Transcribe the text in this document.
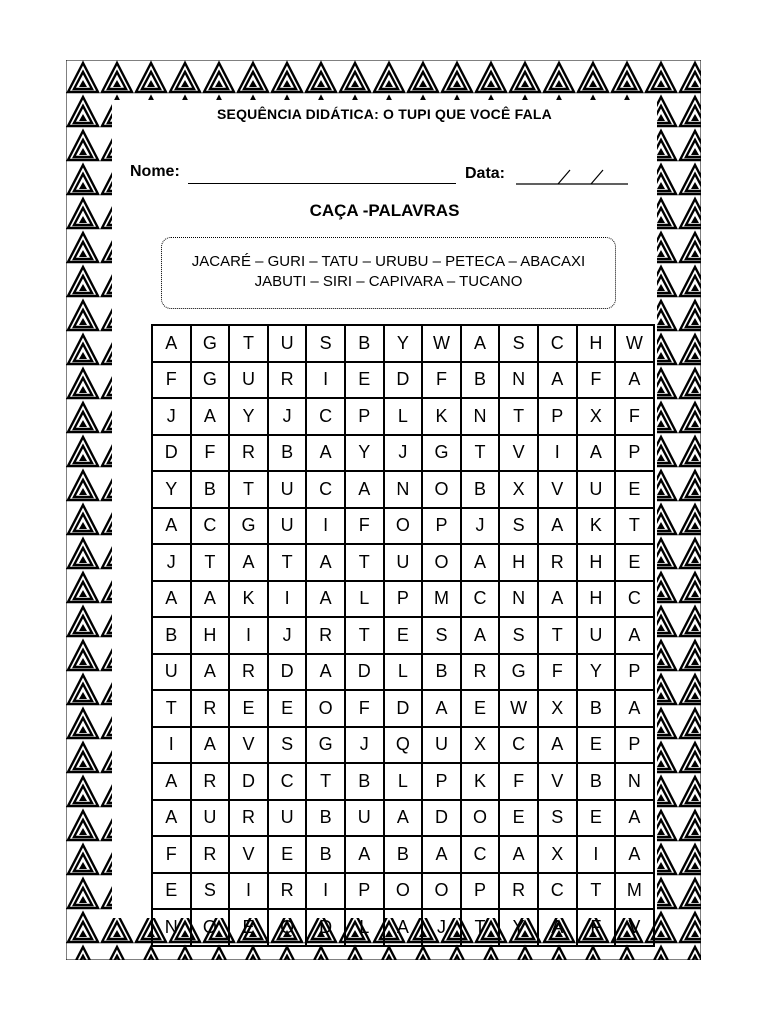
SEQUÊNCIA DIDÁTICA: O TUPI QUE VOCÊ FALA
Nome:	Data:
CAÇA -PALAVRAS
JACARÉ – GURI – TATU – URUBU – PETECA – ABACAXI
JABUTI – SIRI – CAPIVARA – TUCANO
A	G	T	U	S	B	Y	W	A	S	C	H	W
F	G	U	R	I	E	D	F	B	N	A	F	A
J	A	Y	J	C	P	L	K	N	T	P	X	F
D	F	R	B	A	Y	J	G	T	V	I	A	P
Y	B	T	U	C	A	N	O	B	X	V	U	E
A	C	G	U	I	F	O	P	J	S	A	K	T
J	T	A	T	A	T	U	O	A	H	R	H	E
A	A	K	I	A	L	P	M	C	N	A	H	C
B	H	I	J	R	T	E	S	A	S	T	U	A
U	A	R	D	A	D	L	B	R	G	F	Y	P
T	R	E	E	O	F	D	A	E	W	X	B	A
I	A	V	S	G	J	Q	U	X	C	A	E	P
A	R	D	C	T	B	L	P	K	F	V	B	N
A	U	R	U	B	U	A	D	O	E	S	E	A
F	R	V	E	B	A	B	A	C	A	X	I	A
E	S	I	R	I	P	O	O	P	R	C	T	M
N	O	E	Q	D	L	A	J	T	Y	A	F	V
